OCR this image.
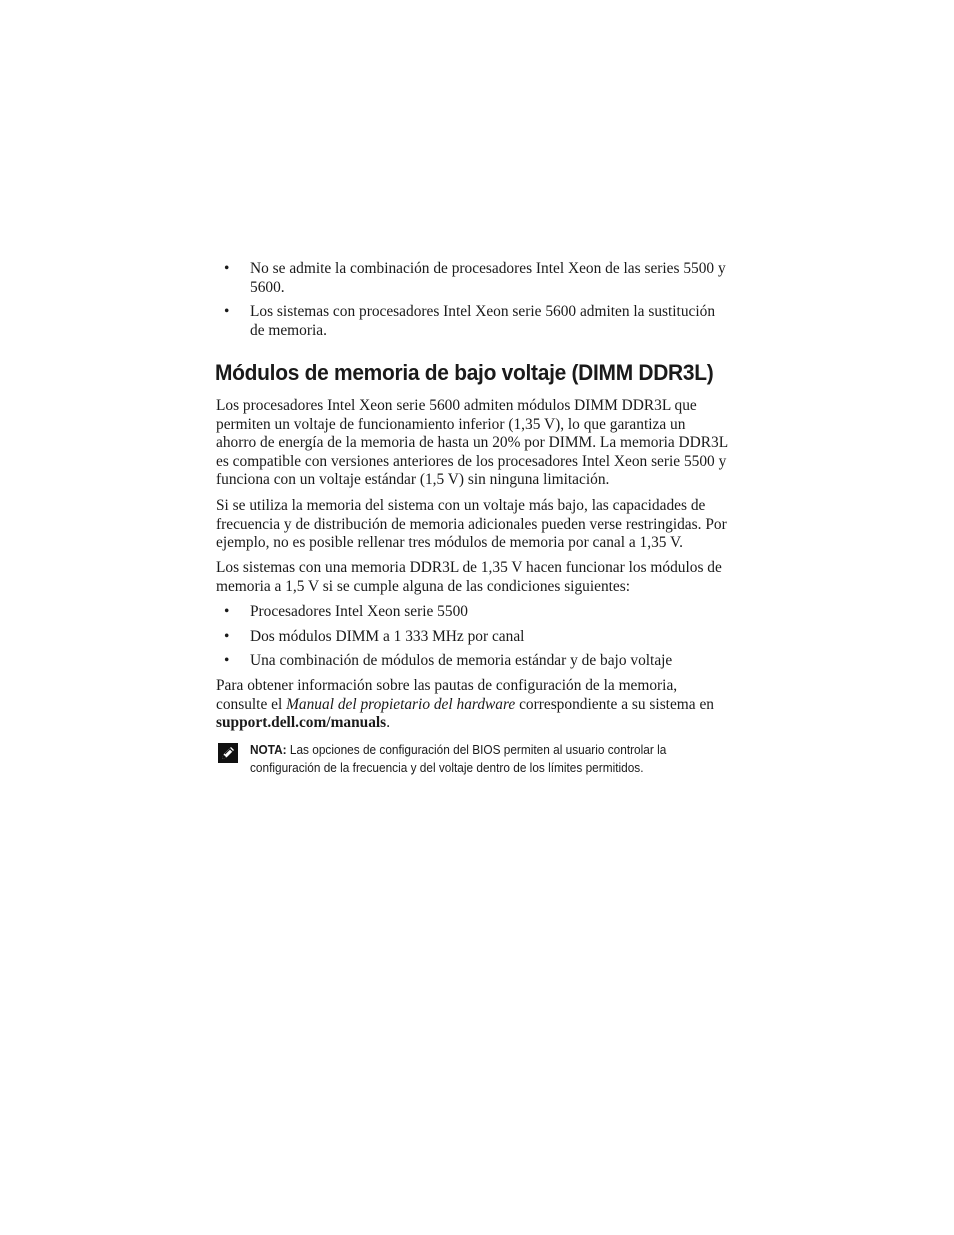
• No se admite la combinación de procesadores Intel Xeon de las series 5500 y 5600.
• Los sistemas con procesadores Intel Xeon serie 5600 admiten la sustitución de memoria.
Módulos de memoria de bajo voltaje (DIMM DDR3L)

Los procesadores Intel Xeon serie 5600 admiten módulos DIMM DDR3L que permiten un voltaje de funcionamiento inferior (1,35 V), lo que garantiza un ahorro de energía de la memoria de hasta un 20% por DIMM. La memoria DDR3L es compatible con versiones anteriores de los procesadores Intel Xeon serie 5500 y funciona con un voltaje estándar (1,5 V) sin ninguna limitación.

Si se utiliza la memoria del sistema con un voltaje más bajo, las capacidades de frecuencia y de distribución de memoria adicionales pueden verse restringidas. Por ejemplo, no es posible rellenar tres módulos de memoria por canal a 1,35 V.

Los sistemas con una memoria DDR3L de 1,35 V hacen funcionar los módulos de memoria a 1,5 V si se cumple alguna de las condiciones siguientes:

• Procesadores Intel Xeon serie 5500
• Dos módulos DIMM a 1 333 MHz por canal
• Una combinación de módulos de memoria estándar y de bajo voltaje

Para obtener información sobre las pautas de configuración de la memoria, consulte el Manual del propietario del hardware correspondiente a su sistema en support.dell.com/manuals.

NOTA: Las opciones de configuración del BIOS permiten al usuario controlar la configuración de la frecuencia y del voltaje dentro de los límites permitidos.
